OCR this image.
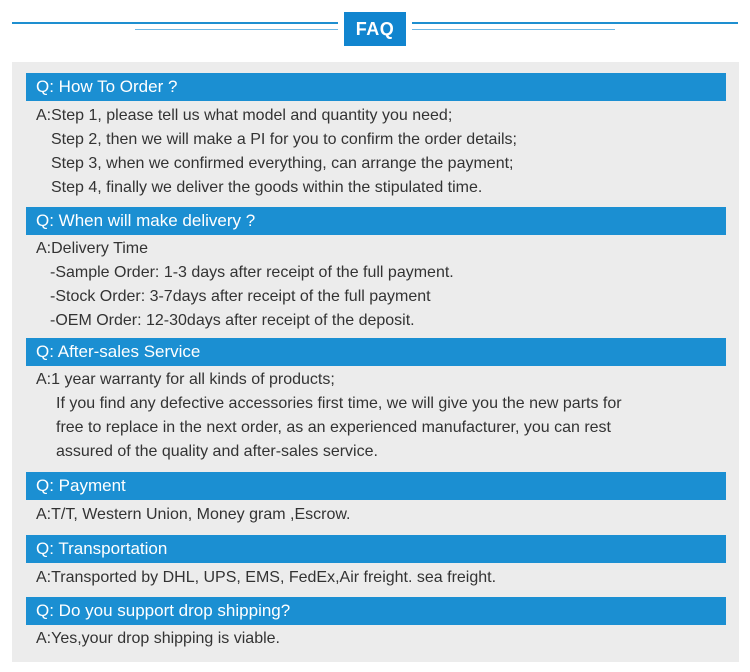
FAQ
Q: How To Order ?
A:Step 1, please tell us what model and quantity you need;
Step 2, then we will make a PI for you to confirm the order details;
Step 3, when we confirmed everything, can arrange the payment;
Step 4, finally we deliver the goods within the stipulated time.
Q: When will make delivery ?
A:Delivery Time
-Sample Order: 1-3 days after receipt of the full payment.
-Stock Order: 3-7days after receipt of the full payment
-OEM Order: 12-30days after receipt of the deposit.
Q: After-sales Service
A:1 year warranty for all kinds of products;
If you find any defective accessories first time, we will give you the new parts for
free to replace in the next order, as an experienced manufacturer, you can rest
assured of the quality and after-sales service.
Q: Payment
A:T/T, Western Union, Money gram ,Escrow.
Q: Transportation
A:Transported by DHL, UPS, EMS, FedEx,Air freight. sea freight.
Q: Do you support drop shipping?
A:Yes,your drop shipping is viable.
